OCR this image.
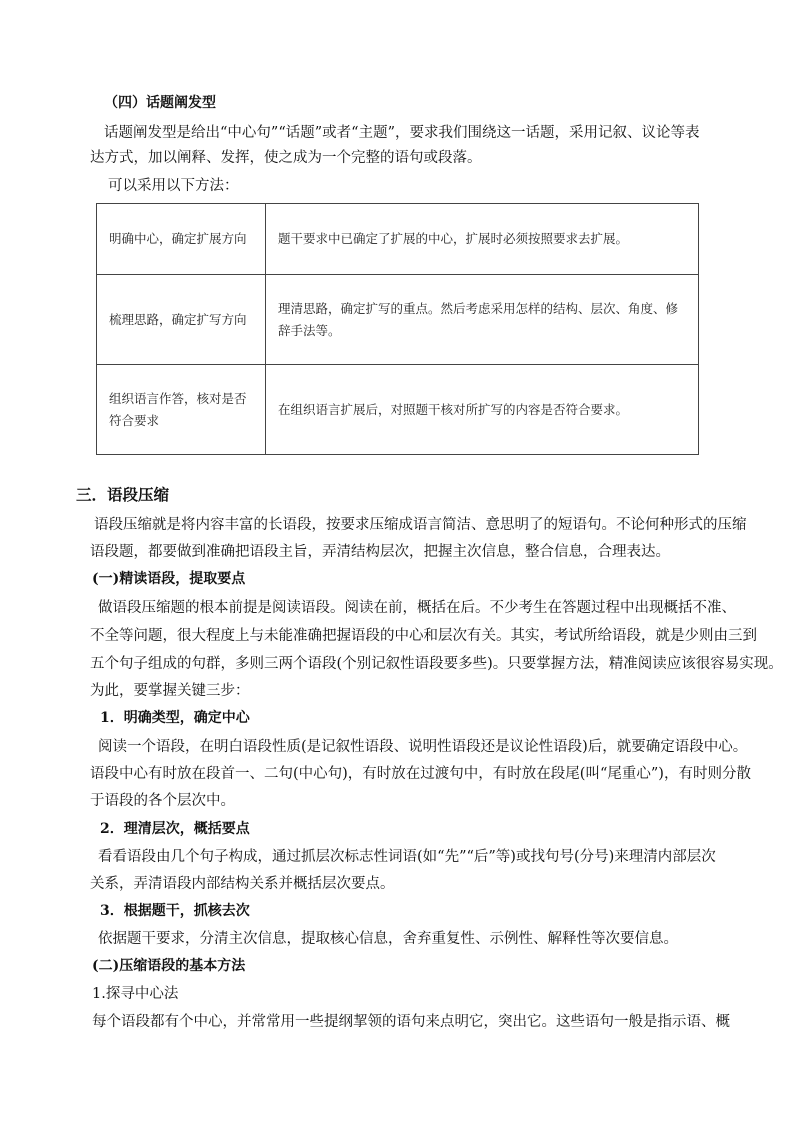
（四）话题阐发型
话题阐发型是给出“中心句”“话题”或者“主题”，要求我们围绕这一话题，采用记叙、议论等表
达方式，加以阐释、发挥，使之成为一个完整的语句或段落。
可以采用以下方法：
明确中心，确定扩展方向	题干要求中已确定了扩展的中心，扩展时必须按照要求去扩展。
梳理思路，确定扩写方向	理清思路，确定扩写的重点。然后考虑采用怎样的结构、层次、角度、修辞手法等。
组织语言作答，核对是否符合要求	在组织语言扩展后，对照题干核对所扩写的内容是否符合要求。
三．语段压缩
语段压缩就是将内容丰富的长语段，按要求压缩成语言简洁、意思明了的短语句。不论何种形式的压缩
语段题，都要做到准确把语段主旨，弄清结构层次，把握主次信息，整合信息，合理表达。
(一)精读语段，提取要点
做语段压缩题的根本前提是阅读语段。阅读在前，概括在后。不少考生在答题过程中出现概括不准、
不全等问题，很大程度上与未能准确把握语段的中心和层次有关。其实，考试所给语段，就是少则由三到
五个句子组成的句群，多则三两个语段(个别记叙性语段要多些)。只要掌握方法，精准阅读应该很容易实现。
为此，要掌握关键三步：
1．明确类型，确定中心
阅读一个语段，在明白语段性质(是记叙性语段、说明性语段还是议论性语段)后，就要确定语段中心。
语段中心有时放在段首一、二句(中心句)，有时放在过渡句中，有时放在段尾(叫“尾重心”)，有时则分散
于语段的各个层次中。
2．理清层次，概括要点
看看语段由几个句子构成，通过抓层次标志性词语(如“先”“后”等)或找句号(分号)来理清内部层次
关系，弄清语段内部结构关系并概括层次要点。
3．根据题干，抓核去次
依据题干要求，分清主次信息，提取核心信息，舍弃重复性、示例性、解释性等次要信息。
(二)压缩语段的基本方法
1.探寻中心法
每个语段都有个中心，并常常用一些提纲挈领的语句来点明它，突出它。这些语句一般是指示语、概
